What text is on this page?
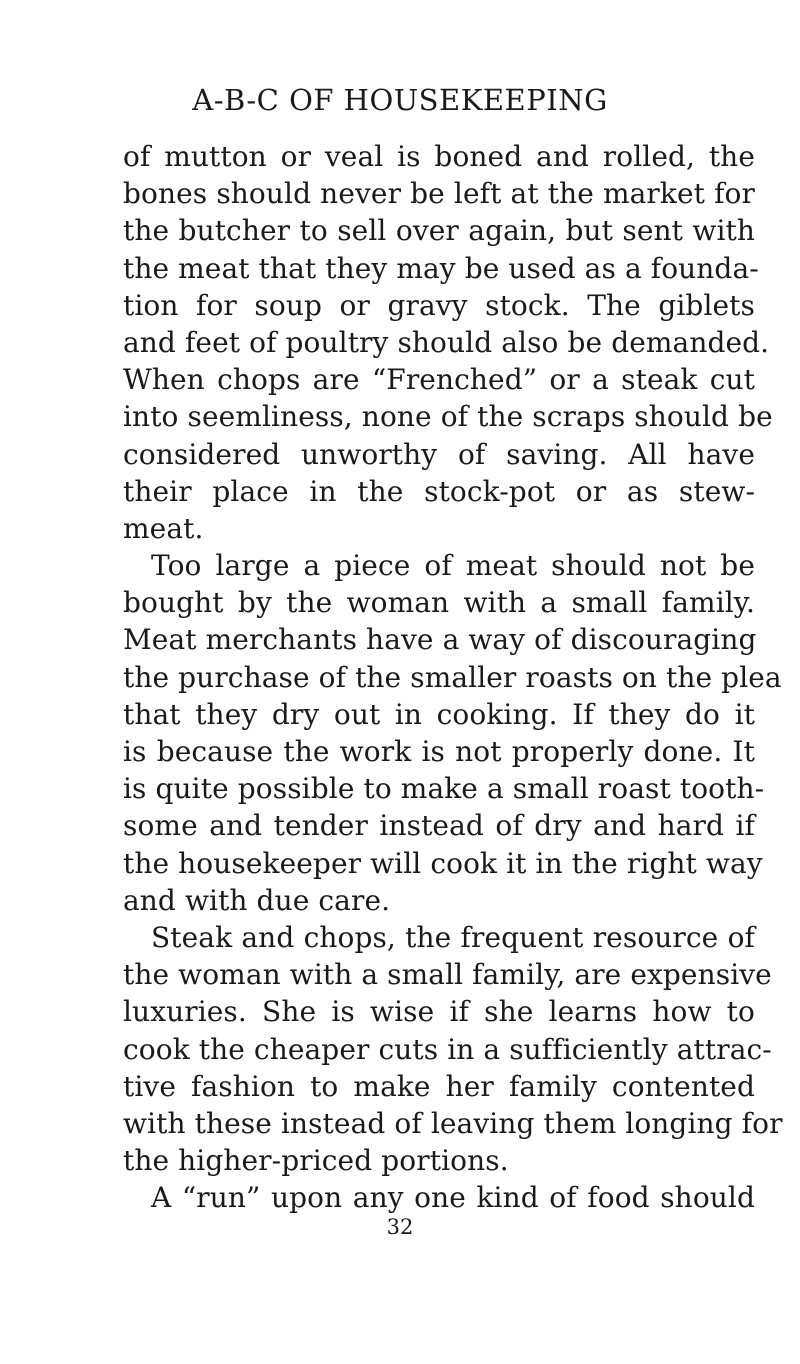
A-B-C OF HOUSEKEEPING
of mutton or veal is boned and rolled, the
bones should never be left at the market for
the butcher to sell over again, but sent with
the meat that they may be used as a founda-
tion for soup or gravy stock. The giblets
and feet of poultry should also be demanded.
When chops are “Frenched” or a steak cut
into seemliness, none of the scraps should be
considered unworthy of saving. All have
their place in the stock-pot or as stew-
meat.
Too large a piece of meat should not be
bought by the woman with a small family.
Meat merchants have a way of discouraging
the purchase of the smaller roasts on the plea
that they dry out in cooking. If they do it
is because the work is not properly done. It
is quite possible to make a small roast tooth-
some and tender instead of dry and hard if
the housekeeper will cook it in the right way
and with due care.
Steak and chops, the frequent resource of
the woman with a small family, are expensive
luxuries. She is wise if she learns how to
cook the cheaper cuts in a sufficiently attrac-
tive fashion to make her family contented
with these instead of leaving them longing for
the higher-priced portions.
A “run” upon any one kind of food should
32
